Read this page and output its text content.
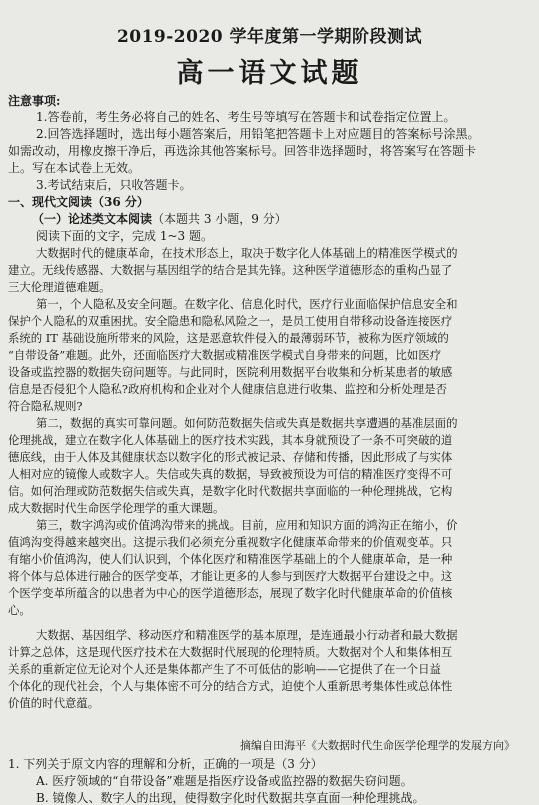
2019-2020 学年度第一学期阶段测试
高一语文试题
注意事项:
1.答卷前，考生务必将自己的姓名、考生号等填写在答题卡和试卷指定位置上。
2.回答选择题时，选出每小题答案后，用铅笔把答题卡上对应题目的答案标号涂黑。
如需改动，用橡皮擦干净后，再选涂其他答案标号。回答非选择题时，将答案写在答题卡
上。写在本试卷上无效。
3.考试结束后，只收答题卡。
一、现代文阅读（36 分）
（一）论述类文本阅读（本题共 3 小题，9 分）
阅读下面的文字，完成 1~3 题。
大数据时代的健康革命，在技术形态上，取决于数字化人体基础上的精准医学模式的
建立。无线传感器、大数据与基因组学的结合是其先锋。这种医学道德形态的重构凸显了
三大伦理道德难题。
第一，个人隐私及安全问题。在数字化、信息化时代，医疗行业面临保护信息安全和
保护个人隐私的双重困扰。安全隐患和隐私风险之一，是员工使用自带移动设备连接医疗
系统的 IT 基础设施所带来的风险，这是恶意软件侵入的最薄弱环节，被称为医疗领域的
“自带设备”难题。此外，还面临医疗大数据或精准医学模式自身带来的问题，比如医疗
设备或监控器的数据失窃问题等。与此同时，医院利用数据平台收集和分析某患者的敏感
信息是否侵犯个人隐私?政府机构和企业对个人健康信息进行收集、监控和分析处理是否
符合隐私规则?
第二，数据的真实可靠问题。如何防范数据失信或失真是数据共享遭遇的基准层面的
伦理挑战，建立在数字化人体基础上的医疗技术实践，其本身就预设了一条不可突破的道
德底线，由于人体及其健康状态以数字化的形式被记录、存储和传播，因此形成了与实体
人相对应的镜像人或数字人。失信或失真的数据，导致被预设为可信的精准医疗变得不可
信。如何治理或防范数据失信或失真，是数字化时代数据共享面临的一种伦理挑战，它构
成大数据时代生命医学伦理学的重大课题。
第三，数字鸿沟或价值鸿沟带来的挑战。目前，应用和知识方面的鸿沟正在缩小，价
值鸿沟变得越来越突出。这提示我们必须充分重视数字化健康革命带来的价值观变革。只
有缩小价值鸿沟，使人们认识到，个体化医疗和精准医学基础上的个人健康革命，是一种
将个体与总体进行融合的医学变革，才能让更多的人参与到医疗大数据平台建设之中。这
个医学变革所蕴含的以患者为中心的医学道德形态，展现了数字化时代健康革命的价值核
心。
大数据、基因组学、移动医疗和精准医学的基本原理，是连通最小行动者和最大数据
计算之总体，这是现代医疗技术在大数据时代展现的伦理特质。大数据对个人和集体相互
关系的重新定位无论对个人还是集体都产生了不可低估的影响——它提供了在一个日益
个体化的现代社会，个人与集体密不可分的结合方式，迫使个人重新思考集体性或总体性
价值的时代意蕴。
摘编自田海平《大数据时代生命医学伦理学的发展方向》
1. 下列关于原文内容的理解和分析，正确的一项是（3 分）
A. 医疗领域的“自带设备”难题是指医疗设备或监控器的数据失窃问题。
B. 镜像人、数字人的出现，使得数字化时代数据共享直面一种伦理挑战。
